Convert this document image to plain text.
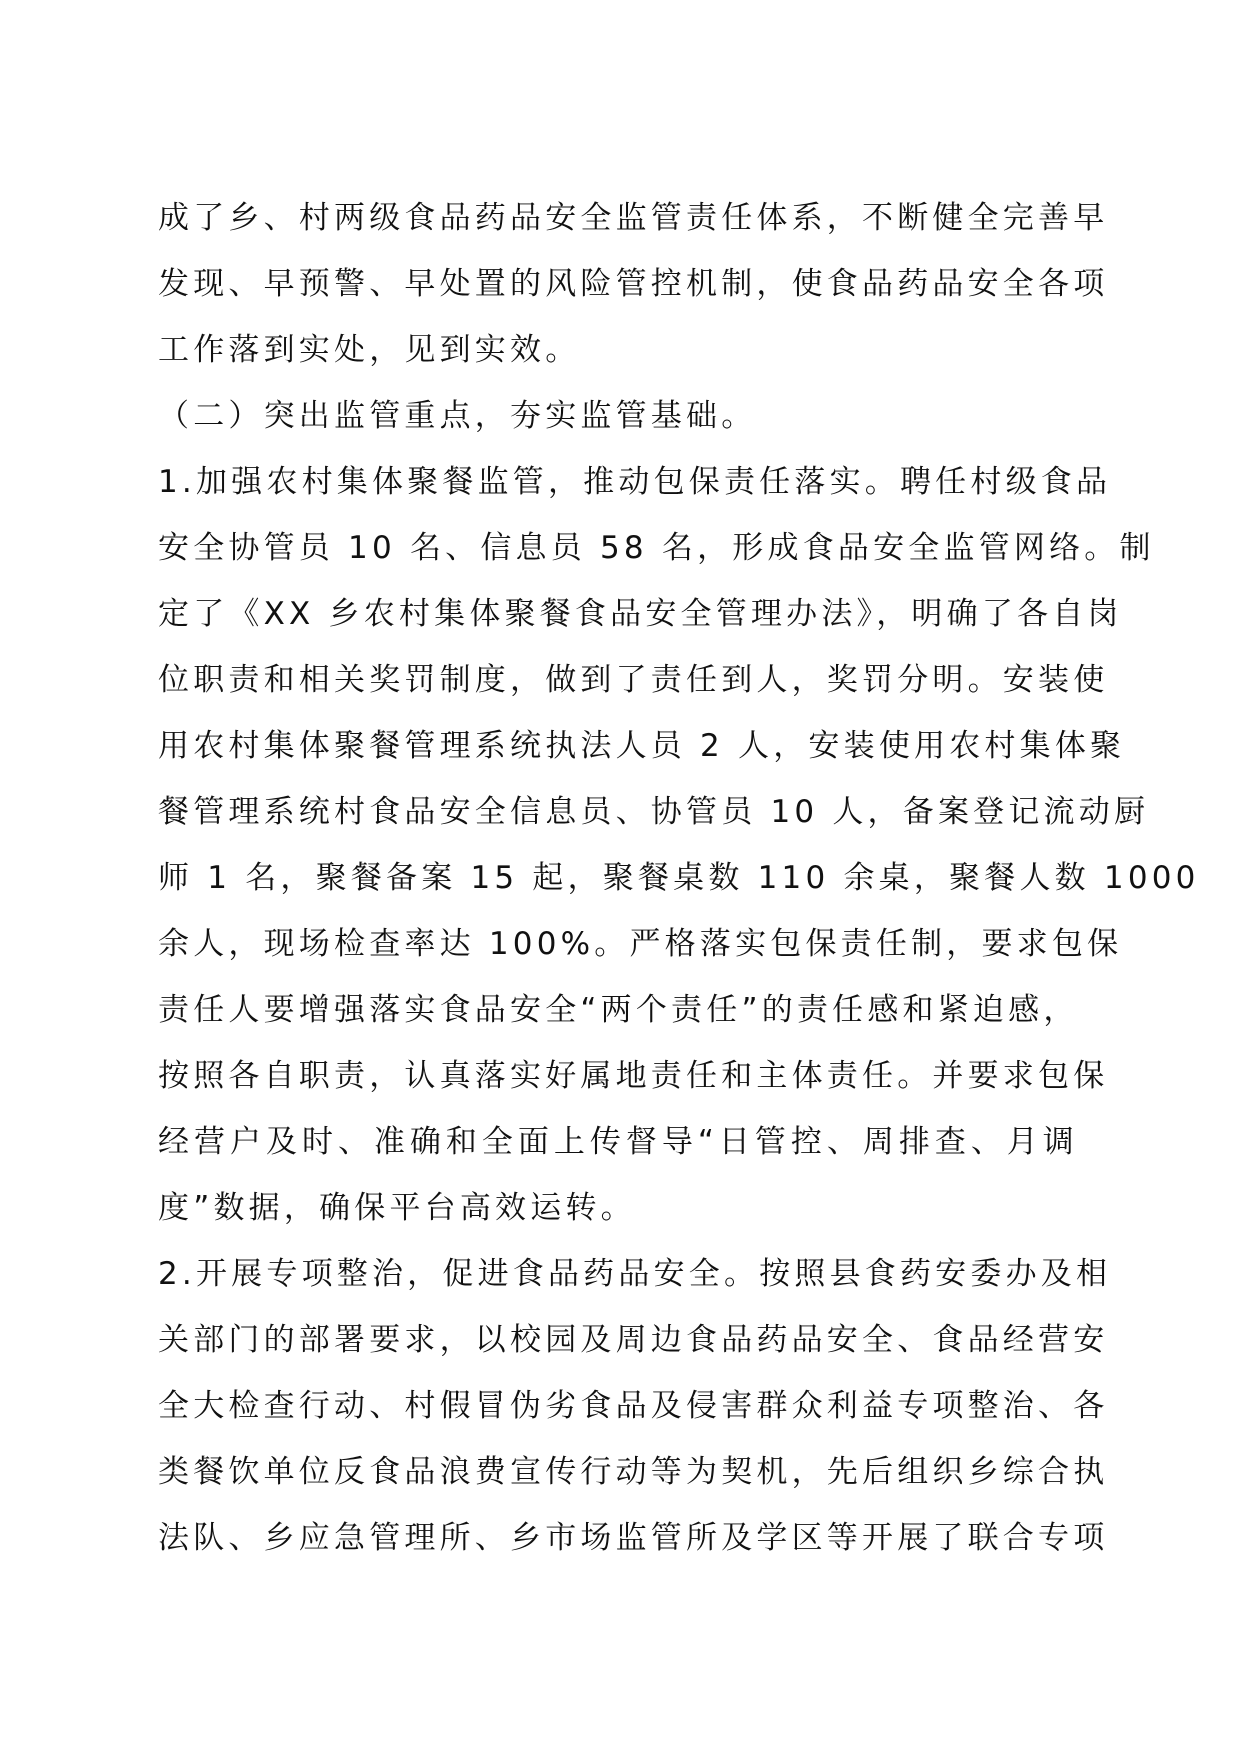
成了乡、村两级食品药品安全监管责任体系，不断健全完善早
发现、早预警、早处置的风险管控机制，使食品药品安全各项
工作落到实处，见到实效。
（二）突出监管重点，夯实监管基础。
1.加强农村集体聚餐监管，推动包保责任落实。聘任村级食品
安全协管员 10 名、信息员 58 名，形成食品安全监管网络。制
定了《XX 乡农村集体聚餐食品安全管理办法》，明确了各自岗
位职责和相关奖罚制度，做到了责任到人，奖罚分明。安装使
用农村集体聚餐管理系统执法人员 2 人，安装使用农村集体聚
餐管理系统村食品安全信息员、协管员 10 人，备案登记流动厨
师 1 名，聚餐备案 15 起，聚餐桌数 110 余桌，聚餐人数 1000
余人，现场检查率达 100%。严格落实包保责任制，要求包保
责任人要增强落实食品安全“两个责任”的责任感和紧迫感，
按照各自职责，认真落实好属地责任和主体责任。并要求包保
经营户及时、准确和全面上传督导“日管控、周排查、月调
度”数据，确保平台高效运转。
2.开展专项整治，促进食品药品安全。按照县食药安委办及相
关部门的部署要求，以校园及周边食品药品安全、食品经营安
全大检查行动、村假冒伪劣食品及侵害群众利益专项整治、各
类餐饮单位反食品浪费宣传行动等为契机，先后组织乡综合执
法队、乡应急管理所、乡市场监管所及学区等开展了联合专项
